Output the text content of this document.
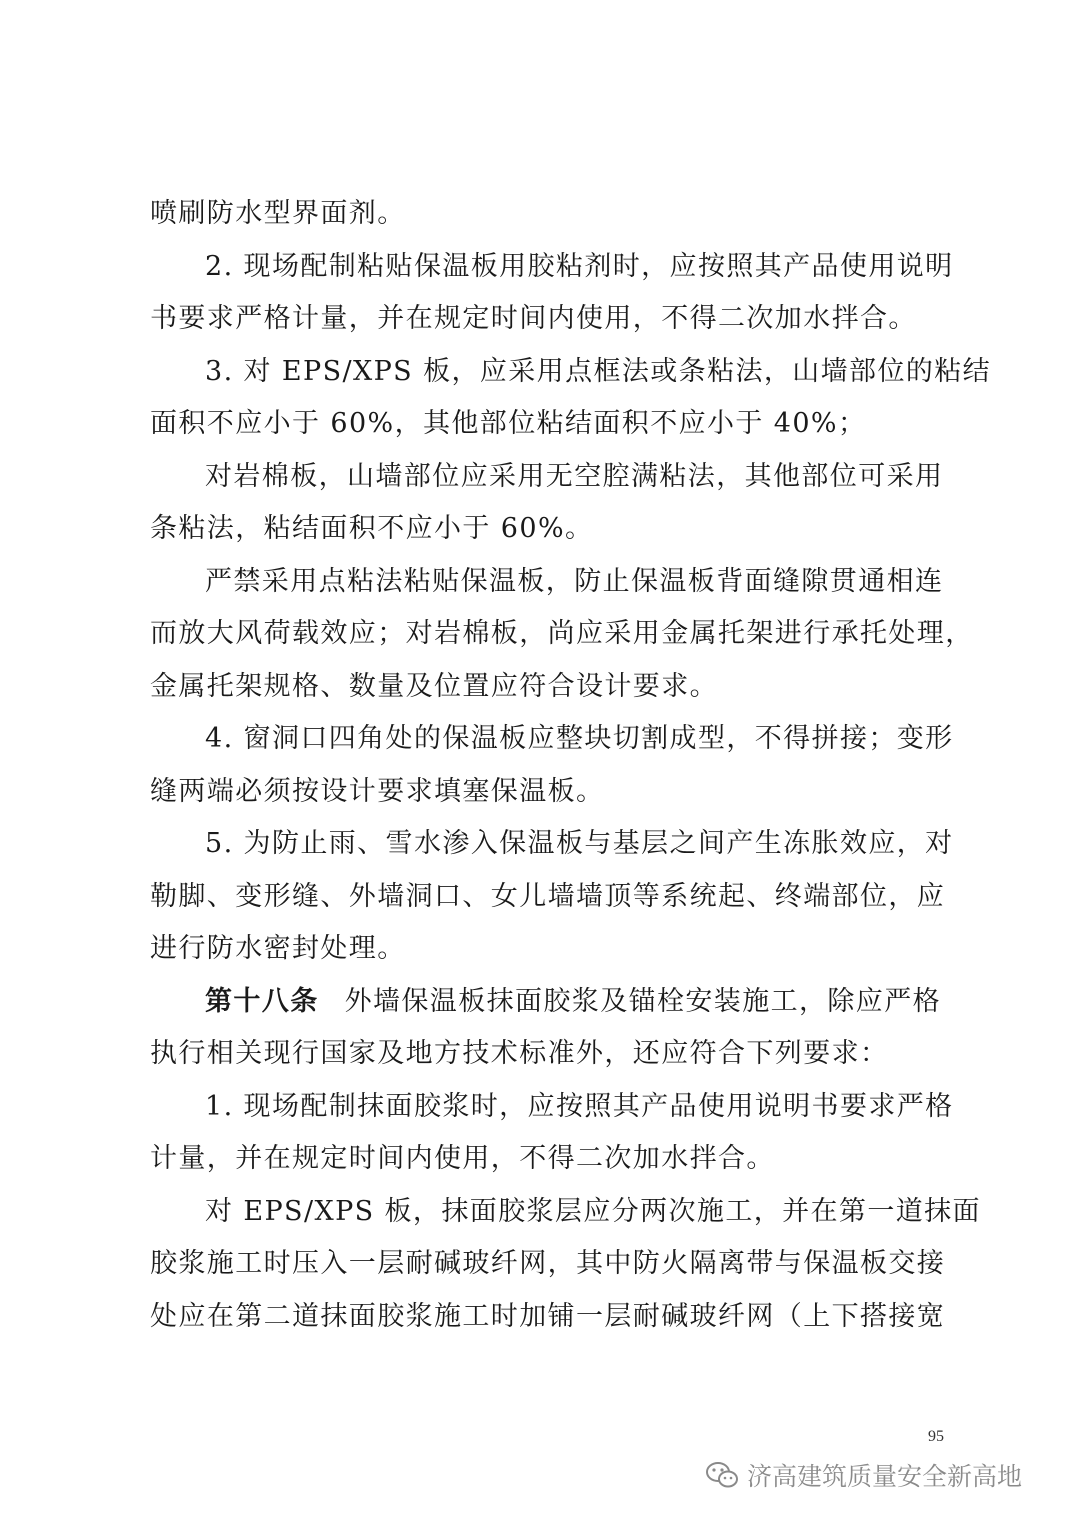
喷刷防水型界面剂。
2. 现场配制粘贴保温板用胶粘剂时，应按照其产品使用说明
书要求严格计量，并在规定时间内使用，不得二次加水拌合。
3. 对 EPS/XPS 板，应采用点框法或条粘法，山墙部位的粘结
面积不应小于 60%，其他部位粘结面积不应小于 40%；
对岩棉板，山墙部位应采用无空腔满粘法，其他部位可采用
条粘法，粘结面积不应小于 60%。
严禁采用点粘法粘贴保温板，防止保温板背面缝隙贯通相连
而放大风荷载效应；对岩棉板，尚应采用金属托架进行承托处理，
金属托架规格、数量及位置应符合设计要求。
4. 窗洞口四角处的保温板应整块切割成型，不得拼接；变形
缝两端必须按设计要求填塞保温板。
5. 为防止雨、雪水渗入保温板与基层之间产生冻胀效应，对
勒脚、变形缝、外墙洞口、女儿墙墙顶等系统起、终端部位，应
进行防水密封处理。
第十八条 外墙保温板抹面胶浆及锚栓安装施工，除应严格
执行相关现行国家及地方技术标准外，还应符合下列要求：
1. 现场配制抹面胶浆时，应按照其产品使用说明书要求严格
计量，并在规定时间内使用，不得二次加水拌合。
对 EPS/XPS 板，抹面胶浆层应分两次施工，并在第一道抹面
胶浆施工时压入一层耐碱玻纤网，其中防火隔离带与保温板交接
处应在第二道抹面胶浆施工时加铺一层耐碱玻纤网（上下搭接宽
95
济高建筑质量安全新高地
